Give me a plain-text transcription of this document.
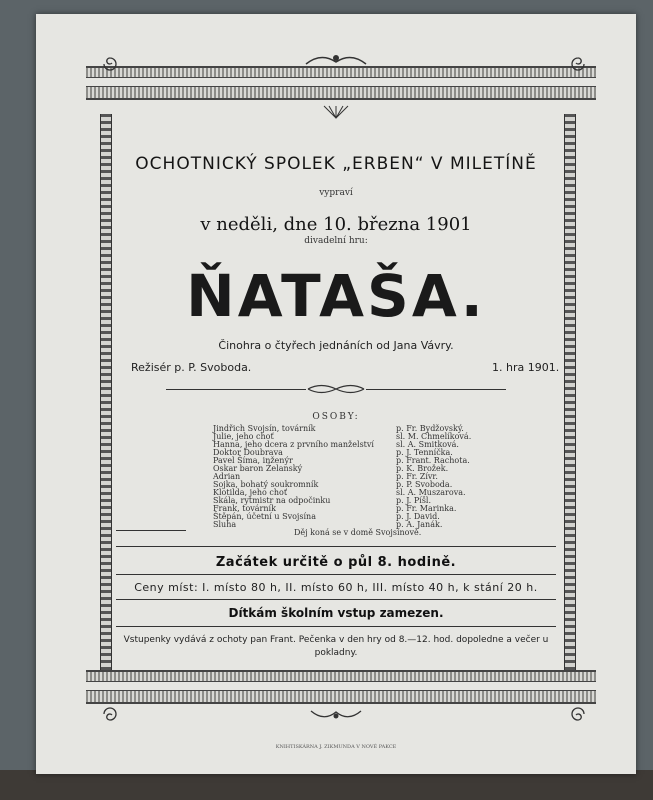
OCHOTNICKÝ SPOLEK „ERBEN“ V MILETÍNĚ
vypraví
v neděli, dne 10. března 1901
divadelní hru:
ŇATAŠA.
Činohra o čtyřech jednáních od Jana Vávry.
Režisér p. P. Svoboda.	1. hra 1901.
OSOBY:
Jindřich Svojsín, továrník	p. Fr. Bydžovský.
Julie, jeho choť	sl. M. Chmelíková.
Hanna, jeho dcera z prvního manželství	sl. A. Smitková.
Doktor Doubrava	p. J. Tenníčka.
Pavel Šíma, inženýr	p. Frant. Rachota.
Oskar baron Želanský	p. K. Brožek.
Adrian	p. Fr. Zívr.
Sojka, bohatý soukromník	p. P. Svoboda.
Klotilda, jeho choť	sl. A. Muszarova.
Skála, rytmistr na odpočinku	p. J. Píšl.
Frank, továrník	p. Fr. Marinka.
Štěpán, účetní u Svojsína	p. J. David.
Sluha	p. A. Janák.
Děj koná se v domě Svojsínově.
Začátek určitě o půl 8. hodině.
Ceny míst: I. místo 80 h, II. místo 60 h, III. místo 40 h, k stání 20 h.
Dítkám školním vstup zamezen.
Vstupenky vydává z ochoty pan Frant. Pečenka v den hry od 8.—12. hod. dopoledne a večer u pokladny.
KNIHTISKÁRNA J. ZIKMUNDA V NOVÉ PAKCE
